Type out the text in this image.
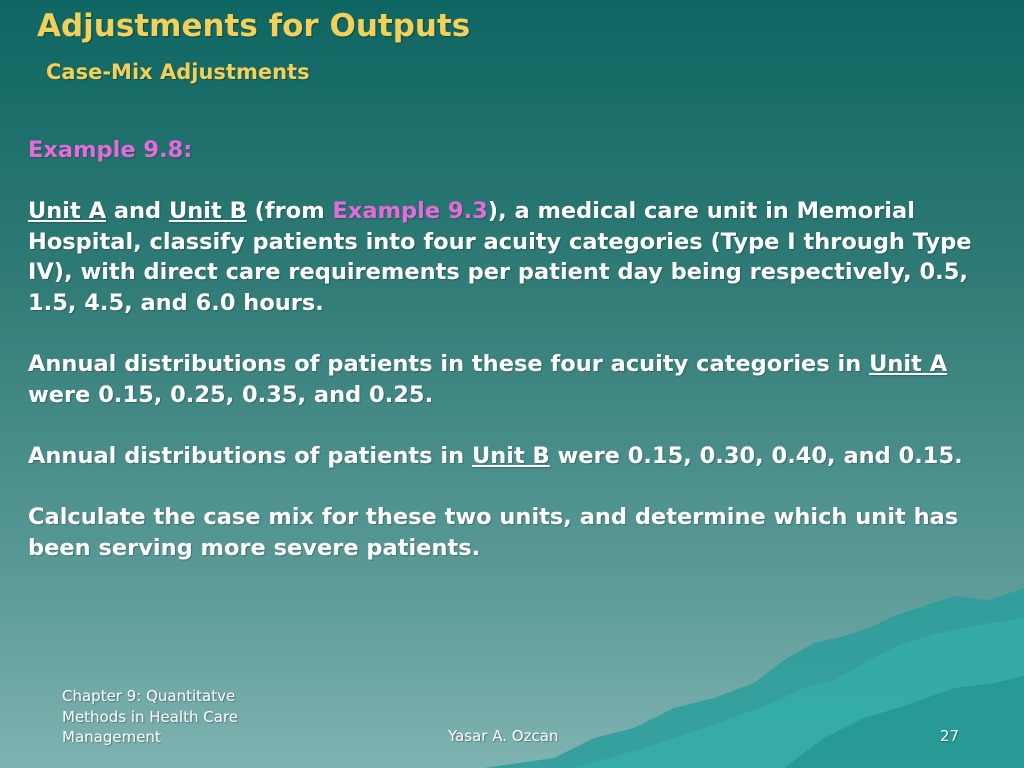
Adjustments for Outputs
Case-Mix Adjustments

Example 9.8:

Unit A and Unit B (from Example 9.3), a medical care unit in Memorial Hospital, classify patients into four acuity categories (Type I through Type IV), with direct care requirements per patient day being respectively, 0.5, 1.5, 4.5, and 6.0 hours.

Annual distributions of patients in these four acuity categories in Unit A were 0.15, 0.25, 0.35, and 0.25.

Annual distributions of patients in Unit B were 0.15, 0.30, 0.40, and 0.15.

Calculate the case mix for these two units, and determine which unit has been serving more severe patients.

Chapter 9: Quantitatve Methods in Health Care Management	Yasar A. Ozcan	27
